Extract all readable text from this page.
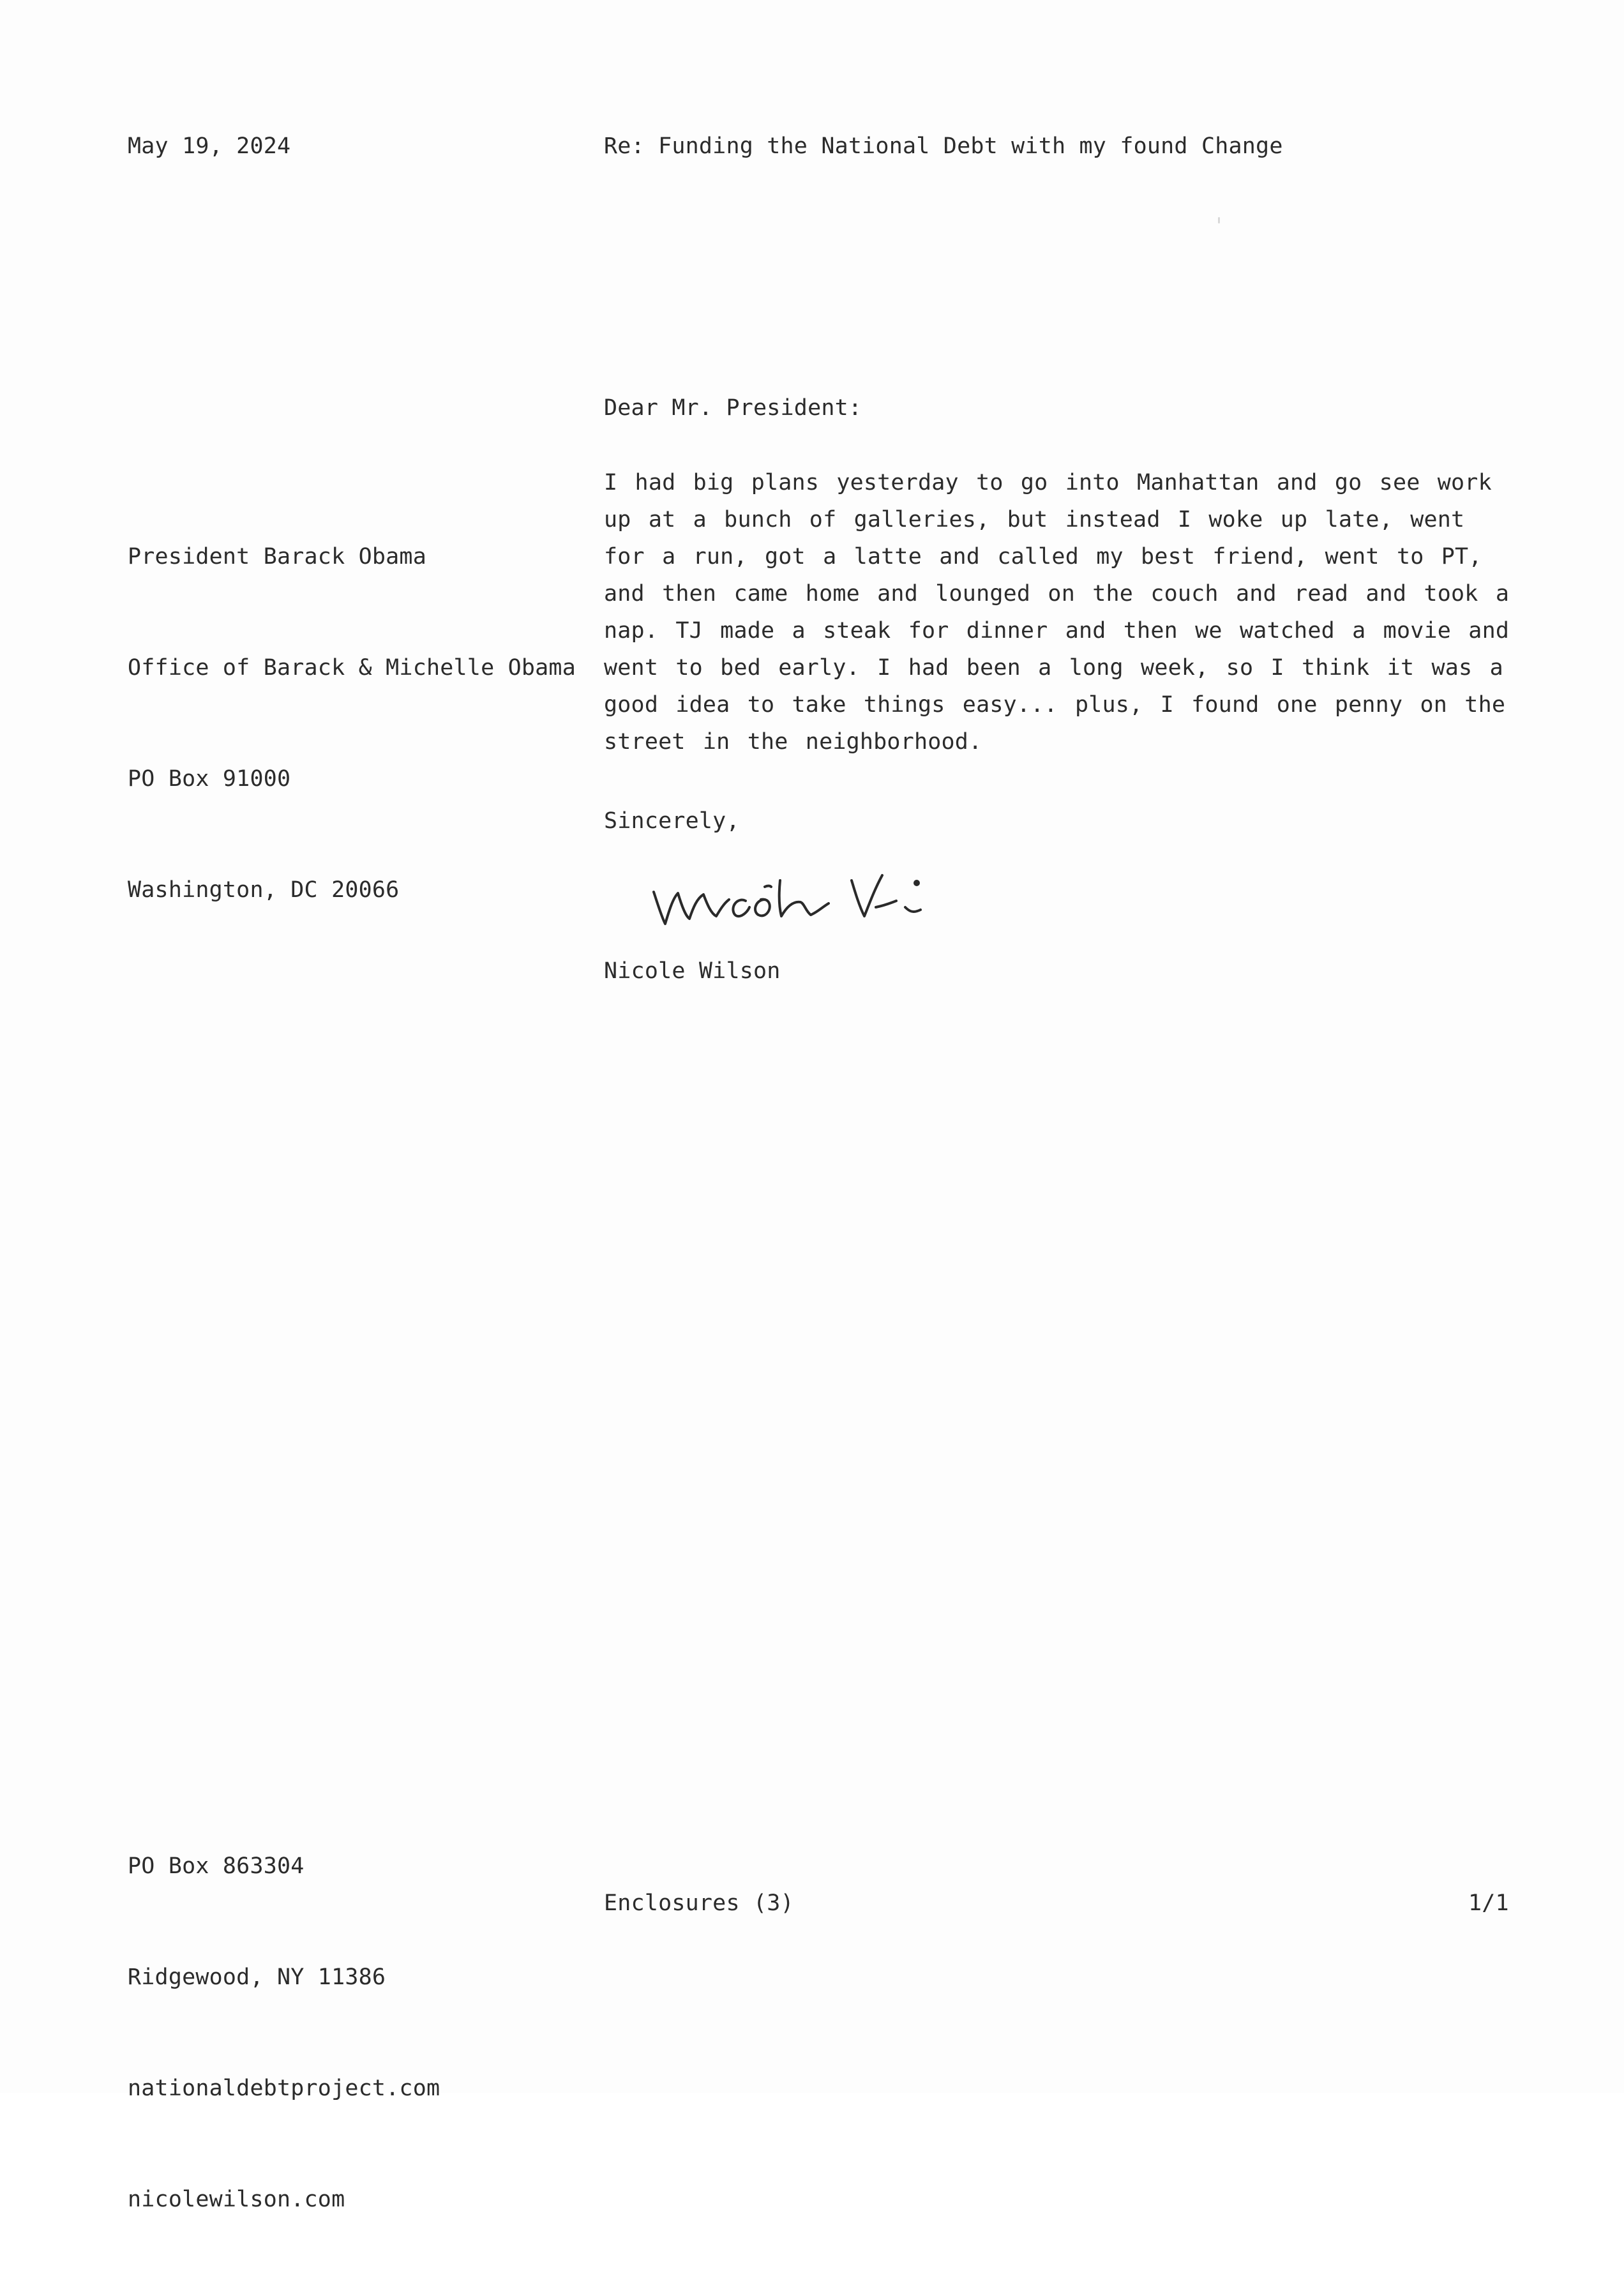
May 19, 2024	Re: Funding the National Debt with my found Change
Dear Mr. President:

President Barack Obama

Office of Barack & Michelle Obama

PO Box 91000

Washington, DC 20066

I had big plans yesterday to go into Manhattan and go see work up at a bunch of galleries, but instead I woke up late, went for a run, got a latte and called my best friend, went to PT, and then came home and lounged on the couch and read and took a nap. TJ made a steak for dinner and then we watched a movie and went to bed early. I had been a long week, so I think it was a good idea to take things easy... plus, I found one penny on the street in the neighborhood.
Sincerely,
Nicole Wilson

PO Box 863304

Ridgewood, NY 11386

nationaldebtproject.com

nicolewilson.com

Enclosures (3)	1/1
